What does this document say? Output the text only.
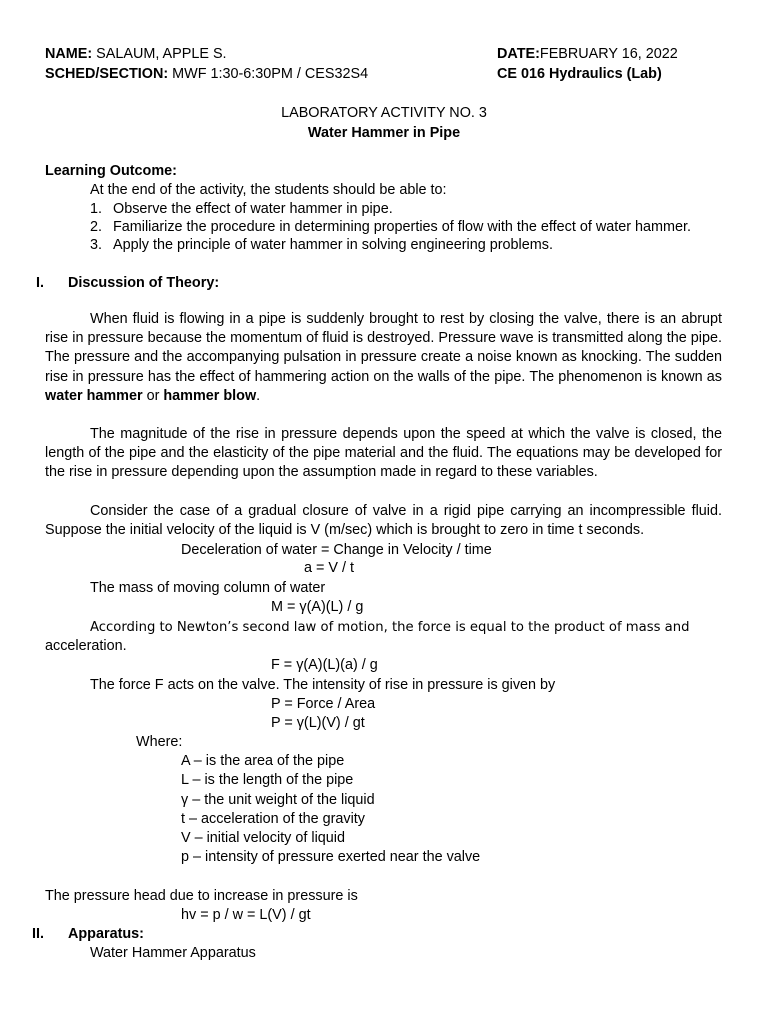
NAME: SALAUM, APPLE S.	DATE:FEBRUARY 16, 2022
SCHED/SECTION: MWF 1:30-6:30PM / CES32S4	CE 016 Hydraulics (Lab)
LABORATORY ACTIVITY NO. 3
Water Hammer in Pipe
Learning Outcome:
At the end of the activity, the students should be able to:
1. Observe the effect of water hammer in pipe.
2. Familiarize the procedure in determining properties of flow with the effect of water hammer.
3. Apply the principle of water hammer in solving engineering problems.
I. Discussion of Theory:
When fluid is flowing in a pipe is suddenly brought to rest by closing the valve, there is an abrupt rise in pressure because the momentum of fluid is destroyed. Pressure wave is transmitted along the pipe. The pressure and the accompanying pulsation in pressure create a noise known as knocking. The sudden rise in pressure has the effect of hammering action on the walls of the pipe. The phenomenon is known as water hammer or hammer blow.
The magnitude of the rise in pressure depends upon the speed at which the valve is closed, the length of the pipe and the elasticity of the pipe material and the fluid. The equations may be developed for the rise in pressure depending upon the assumption made in regard to these variables.
Consider the case of a gradual closure of valve in a rigid pipe carrying an incompressible fluid. Suppose the initial velocity of the liquid is V (m/sec) which is brought to zero in time t seconds.
Deceleration of water = Change in Velocity / time
a = V / t
The mass of moving column of water
M = γ(A)(L) / g
According to Newton’s second law of motion, the force is equal to the product of mass and
acceleration.
F = γ(A)(L)(a) / g
The force F acts on the valve. The intensity of rise in pressure is given by
P = Force / Area
P = γ(L)(V) / gt
Where:
A – is the area of the pipe
L – is the length of the pipe
γ – the unit weight of the liquid
t – acceleration of the gravity
V – initial velocity of liquid
p – intensity of pressure exerted near the valve
The pressure head due to increase in pressure is
hv = p / w = L(V) / gt
II. Apparatus:
Water Hammer Apparatus
